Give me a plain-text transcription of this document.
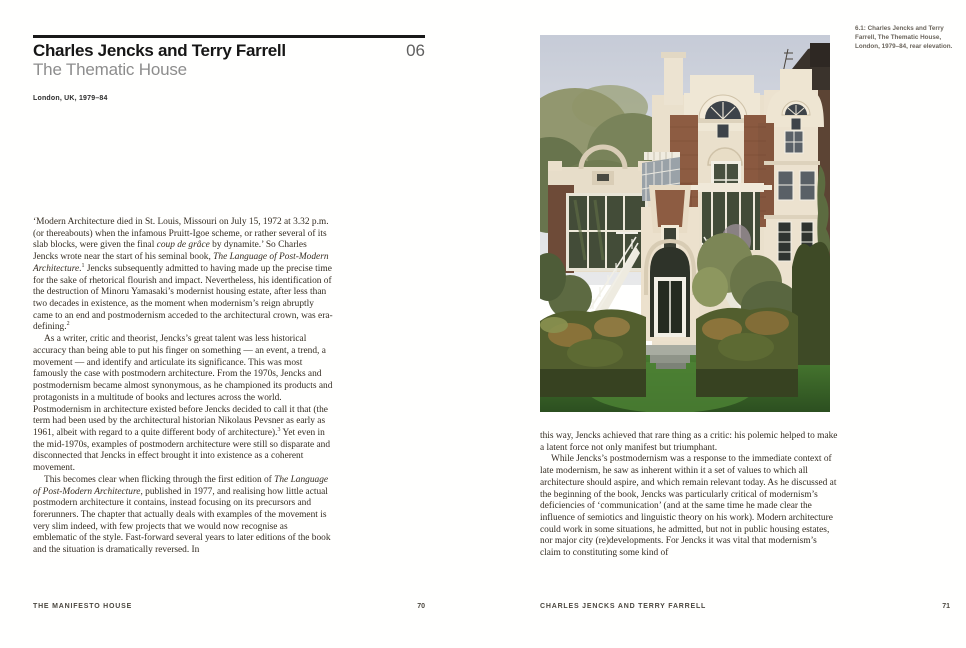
06
Charles Jencks and Terry Farrell
The Thematic House
London, UK, 1979–84

‘Modern Architecture died in St. Louis, Missouri on July 15, 1972 at 3.32 p.m. (or thereabouts) when the infamous Pruitt-Igoe scheme, or rather several of its slab blocks, were given the final coup de grâce by dynamite.’ So Charles Jencks wrote near the start of his seminal book, The Language of Post-Modern Architecture.$^1$ Jencks subsequently admitted to having made up the precise time for the sake of rhetorical flourish and impact. Nevertheless, his identification of the destruction of Minoru Yamasaki’s modernist housing estate, after less than two decades in existence, as the moment when modernism’s reign abruptly came to an end and postmodernism acceded to the architectural crown, was era-defining.$^2$

As a writer, critic and theorist, Jencks’s great talent was less historical accuracy than being able to put his finger on something — an event, a trend, a movement — and identify and articulate its significance. This was most famously the case with postmodern architecture. From the 1970s, Jencks and postmodernism became almost synonymous, as he championed its products and protagonists in a multitude of books and lectures across the world. Postmodernism in architecture existed before Jencks decided to call it that (the term had been used by the architectural historian Nikolaus Pevsner as early as 1961, albeit with regard to a quite different body of architecture).$^3$ Yet even in the mid-1970s, examples of postmodern architecture were still so disparate and disconnected that Jencks in effect brought it into existence as a coherent movement.

This becomes clear when flicking through the first edition of The Language of Post-Modern Architecture, published in 1977, and realising how little actual postmodern architecture it contains, instead focusing on its precursors and forerunners. The chapter that actually deals with examples of the movement is very slim indeed, with few projects that we would now recognise as emblematic of the style. Fast-forward several years to later editions of the book and the situation is dramatically reversed. In

70
THE MANIFESTO HOUSE
6.1: Charles Jencks and Terry Farrell, The Thematic House, London, 1979–84, rear elevation.

this way, Jencks achieved that rare thing as a critic: his polemic helped to make a latent force not only manifest but triumphant.

While Jencks’s postmodernism was a response to the immediate context of late modernism, he saw as inherent within it a set of values to which all architecture should aspire, and which remain relevant today. As he discussed at the beginning of the book, Jencks was particularly critical of modernism’s deficiencies of ‘communication’ (and at the same time he made clear the influence of semiotics and linguistic theory on his work). Modern architecture could work in some situations, he admitted, but not in public housing estates, nor major city (re)developments. For Jencks it was vital that modernism’s claim to constituting some kind of

71
CHARLES JENCKS AND TERRY FARRELL
